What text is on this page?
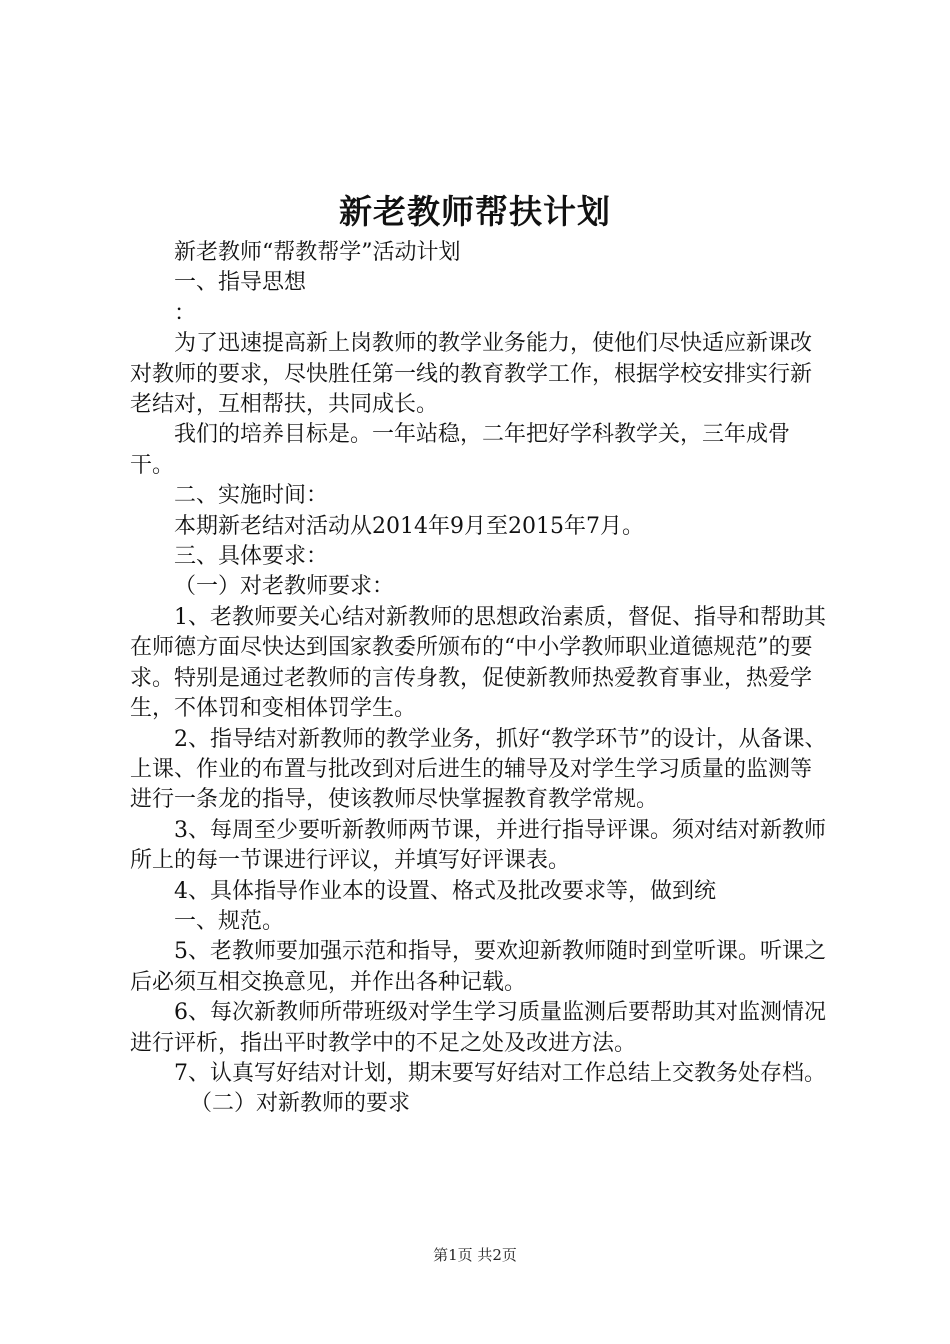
新老教师帮扶计划

新老教师“帮教帮学”活动计划

一、指导思想

：

为了迅速提高新上岗教师的教学业务能力，使他们尽快适应新课改对教师的要求，尽快胜任第一线的教育教学工作，根据学校安排实行新老结对，互相帮扶，共同成长。

我们的培养目标是。一年站稳，二年把好学科教学关，三年成骨干。

二、实施时间：

本期新老结对活动从2014年9月至2015年7月。

三、具体要求：

（一）对老教师要求：

1、老教师要关心结对新教师的思想政治素质，督促、指导和帮助其在师德方面尽快达到国家教委所颁布的“中小学教师职业道德规范”的要求。特别是通过老教师的言传身教，促使新教师热爱教育事业，热爱学生，不体罚和变相体罚学生。

2、指导结对新教师的教学业务，抓好“教学环节”的设计，从备课、上课、作业的布置与批改到对后进生的辅导及对学生学习质量的监测等进行一条龙的指导，使该教师尽快掌握教育教学常规。

3、每周至少要听新教师两节课，并进行指导评课。须对结对新教师所上的每一节课进行评议，并填写好评课表。

4、具体指导作业本的设置、格式及批改要求等，做到统

一、规范。

5、老教师要加强示范和指导，要欢迎新教师随时到堂听课。听课之后必须互相交换意见，并作出各种记载。

6、每次新教师所带班级对学生学习质量监测后要帮助其对监测情况进行评析，指出平时教学中的不足之处及改进方法。

7、认真写好结对计划，期末要写好结对工作总结上交教务处存档。

（二）对新教师的要求

第1页 共2页
